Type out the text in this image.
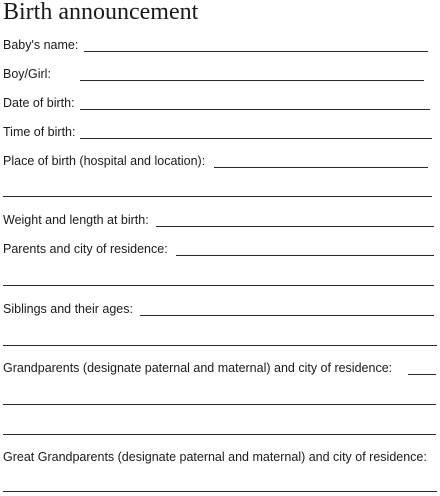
Birth announcement
Baby's name:
Boy/Girl:
Date of birth:
Time of birth:
Place of birth (hospital and location):
Weight and length at birth:
Parents and city of residence:
Siblings and their ages:
Grandparents (designate paternal and maternal) and city of residence:
Great Grandparents (designate paternal and maternal) and city of residence:
